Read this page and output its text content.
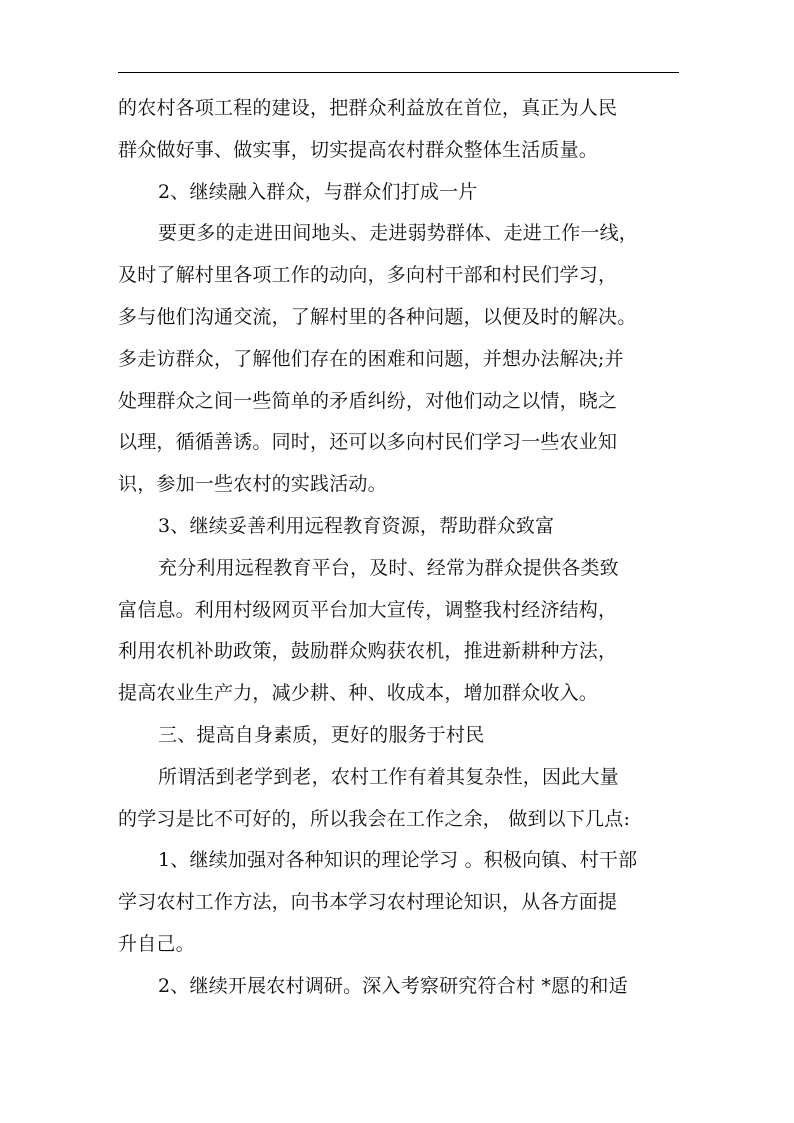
的农村各项工程的建设，把群众利益放在首位，真正为人民
群众做好事、做实事，切实提高农村群众整体生活质量。
2、继续融入群众，与群众们打成一片
要更多的走进田间地头、走进弱势群体、走进工作一线，
及时了解村里各项工作的动向，多向村干部和村民们学习，
多与他们沟通交流，了解村里的各种问题，以便及时的解决。
多走访群众，了解他们存在的困难和问题，并想办法解决;并
处理群众之间一些简单的矛盾纠纷，对他们动之以情，晓之
以理，循循善诱。同时，还可以多向村民们学习一些农业知
识，参加一些农村的实践活动。
3、继续妥善利用远程教育资源，帮助群众致富
充分利用远程教育平台，及时、经常为群众提供各类致
富信息。利用村级网页平台加大宣传，调整我村经济结构，
利用农机补助政策，鼓励群众购获农机，推进新耕种方法，
提高农业生产力，减少耕、种、收成本，增加群众收入。
三、提高自身素质，更好的服务于村民
所谓活到老学到老，农村工作有着其复杂性，因此大量
的学习是比不可好的，所以我会在工作之余， 做到以下几点:
1、继续加强对各种知识的理论学习 。积极向镇、村干部
学习农村工作方法，向书本学习农村理论知识，从各方面提
升自己。
2、继续开展农村调研。深入考察研究符合村 *愿的和适
